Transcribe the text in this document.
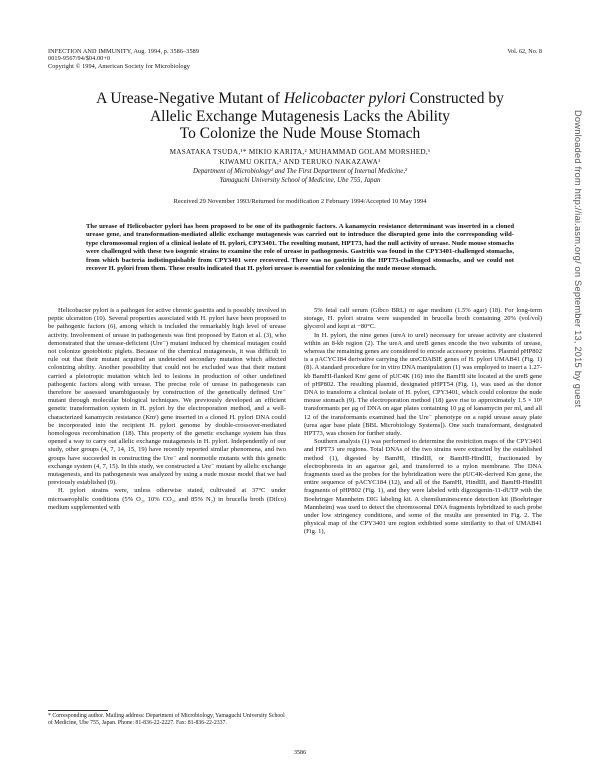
INFECTION AND IMMUNITY, Aug. 1994, p. 3586–3589
0019-9567/94/$04.00+0
Copyright © 1994, American Society for Microbiology
Vol. 62, No. 8
A Urease-Negative Mutant of Helicobacter pylori Constructed by
Allelic Exchange Mutagenesis Lacks the Ability
To Colonize the Nude Mouse Stomach
MASATAKA TSUDA,¹* MIKIO KARITA,² MUHAMMAD GOLAM MORSHED,¹
KIWAMU OKITA,² AND TERUKO NAKAZAWA¹
Department of Microbiology¹ and The First Department of Internal Medicine,²
Yamaguchi University School of Medicine, Ube 755, Japan
Received 29 November 1993/Returned for modification 2 February 1994/Accepted 10 May 1994
The urease of Helicobacter pylori has been proposed to be one of its pathogenic factors. A kanamycin resistance determinant was inserted in a cloned urease gene, and transformation-mediated allelic exchange mutagenesis was carried out to introduce the disrupted gene into the corresponding wild-type chromosomal region of a clinical isolate of H. pylori, CPY3401. The resulting mutant, HPT73, had the null activity of urease. Nude mouse stomachs were challenged with these two isogenic strains to examine the role of urease in pathogenesis. Gastritis was found in the CPY3401-challenged stomachs, from which bacteria indistinguishable from CPY3401 were recovered. There was no gastritis in the HPT73-challenged stomachs, and we could not recover H. pylori from them. These results indicated that H. pylori urease is essential for colonizing the nude mouse stomach.

Helicobacter pylori is a pathogen for active chronic gastritis and is possibly involved in peptic ulceration (10). Several properties associated with H. pylori have been proposed to be pathogenic factors (6), among which is included the remarkably high level of urease activity. Involvement of urease in pathogenesis was first proposed by Eaton et al. (3), who demonstrated that the urease-deficient (Ure⁻) mutant induced by chemical mutagen could not colonize gnotobiotic piglets. Because of the chemical mutagenesis, it was difficult to rule out that their mutant acquired an undetected secondary mutation which affected colonizing ability. Another possibility that could not be excluded was that their mutant carried a pleiotropic mutation which led to lesions in production of other undefined pathogenic factors along with urease. The precise role of urease in pathogenesis can therefore be assessed unambiguously by construction of the genetically defined Ure⁻ mutant through molecular biological techniques. We previously developed an efficient genetic transformation system in H. pylori by the electroporation method, and a well-characterized kanamycin resistance (Kmʳ) gene inserted in a cloned H. pylori DNA could be incorporated into the recipient H. pylori genome by double-crossover-mediated homologous recombination (18). This property of the genetic exchange system has thus opened a way to carry out allelic exchange mutagenesis in H. pylori. Independently of our study, other groups (4, 7, 14, 15, 19) have recently reported similar phenomena, and two groups have succeeded in constructing the Ure⁻ and nonmotile mutants with this genetic exchange system (4, 7, 15). In this study, we constructed a Ure⁻ mutant by allelic exchange mutagenesis, and its pathogenesis was analyzed by using a nude mouse model that we had previously established (9).

H. pylori strains were, unless otherwise stated, cultivated at 37°C under microaerophilic conditions (5% O₂, 10% CO₂, and 85% N₂) in brucella broth (Difco) medium supplemented with

5% fetal calf serum (Gibco BRL) or agar medium (1.5% agar) (18). For long-term storage, H. pylori strains were suspended in brucella broth containing 20% (vol/vol) glycerol and kept at −80°C.

In H. pylori, the nine genes (ureA to ureI) necessary for urease activity are clustered within an 8-kb region (2). The ureA and ureB genes encode the two subunits of urease, whereas the remaining genes are considered to encode accessory proteins. Plasmid pHP802 is a pACYC184 derivative carrying the ureCDABIE genes of H. pylori UMAB41 (Fig. 1) (8). A standard procedure for in vitro DNA manipulation (1) was employed to insert a 1.27-kb BamHI-flanked Kmʳ gene of pUC4K (16) into the BamHI site located at the ureB gene of pHP802. The resulting plasmid, designated pHPT54 (Fig. 1), was used as the donor DNA to transform a clinical isolate of H. pylori, CPY3401, which could colonize the nude mouse stomach (9). The electroporation method (18) gave rise to approximately 1.5 × 10³ transformants per μg of DNA on agar plates containing 10 μg of kanamycin per ml, and all 12 of the transformants examined had the Ure⁻ phenotype on a rapid urease assay plate (urea agar base plate [BBL Microbiology Systems]). One such transformant, designated HPT73, was chosen for further study.

Southern analysis (1) was performed to determine the restriction maps of the CPY3401 and HPT73 ure regions. Total DNAs of the two strains were extracted by the established method (1), digested by BamHI, HindIII, or BamHI-HindIII, fractionated by electrophoresis in an agarose gel, and transferred to a nylon membrane. The DNA fragments used as the probes for the hybridization were the pUC4K-derived Km gene, the entire sequence of pACYC184 (12), and all of the BamHI, HindIII, and BamHI-HindIII fragments of pHP802 (Fig. 1), and they were labeled with digoxigenin-11-dUTP with the Boehringer Mannheim DIG labeling kit. A chemiluminescence detection kit (Boehringer Mannheim) was used to detect the chromosomal DNA fragments hybridized to each probe under low stringency conditions, and some of the results are presented in Fig. 2. The physical map of the CPY3401 ure region exhibited some similarity to that of UMAB41 (Fig. 1),

* Corresponding author. Mailing address: Department of Microbiology, Yamaguchi University School of Medicine, Ube 755, Japan. Phone: 81-836-22-2227. Fax: 81-836-22-2337.
3586
Downloaded from http://iai.asm.org/ on September 13, 2015 by guest
